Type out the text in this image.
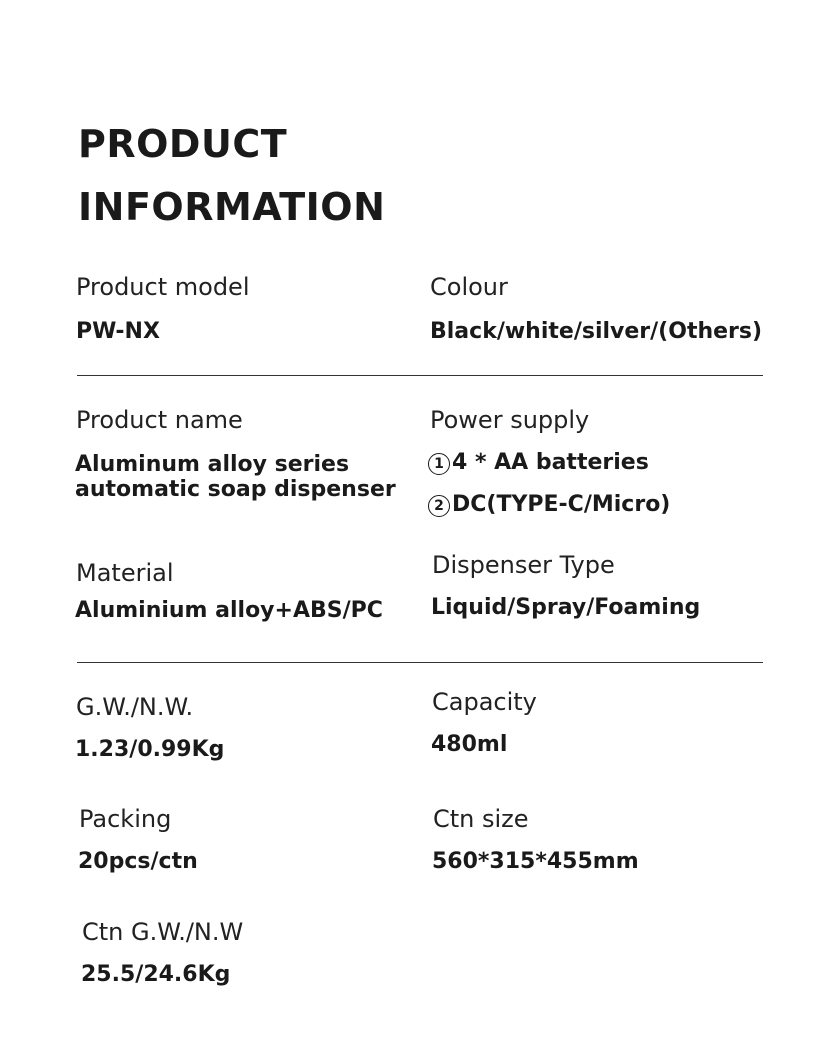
PRODUCT
INFORMATION
Product model
PW-NX
Colour
Black/white/silver/(Others)
Product name
Aluminum alloy series automatic soap dispenser
Power supply
1 4 * AA batteries
2 DC(TYPE-C/Micro)
Material
Aluminium alloy+ABS/PC
Dispenser Type
Liquid/Spray/Foaming
G.W./N.W.
1.23/0.99Kg
Capacity
480ml
Packing
20pcs/ctn
Ctn size
560*315*455mm
Ctn G.W./N.W
25.5/24.6Kg
